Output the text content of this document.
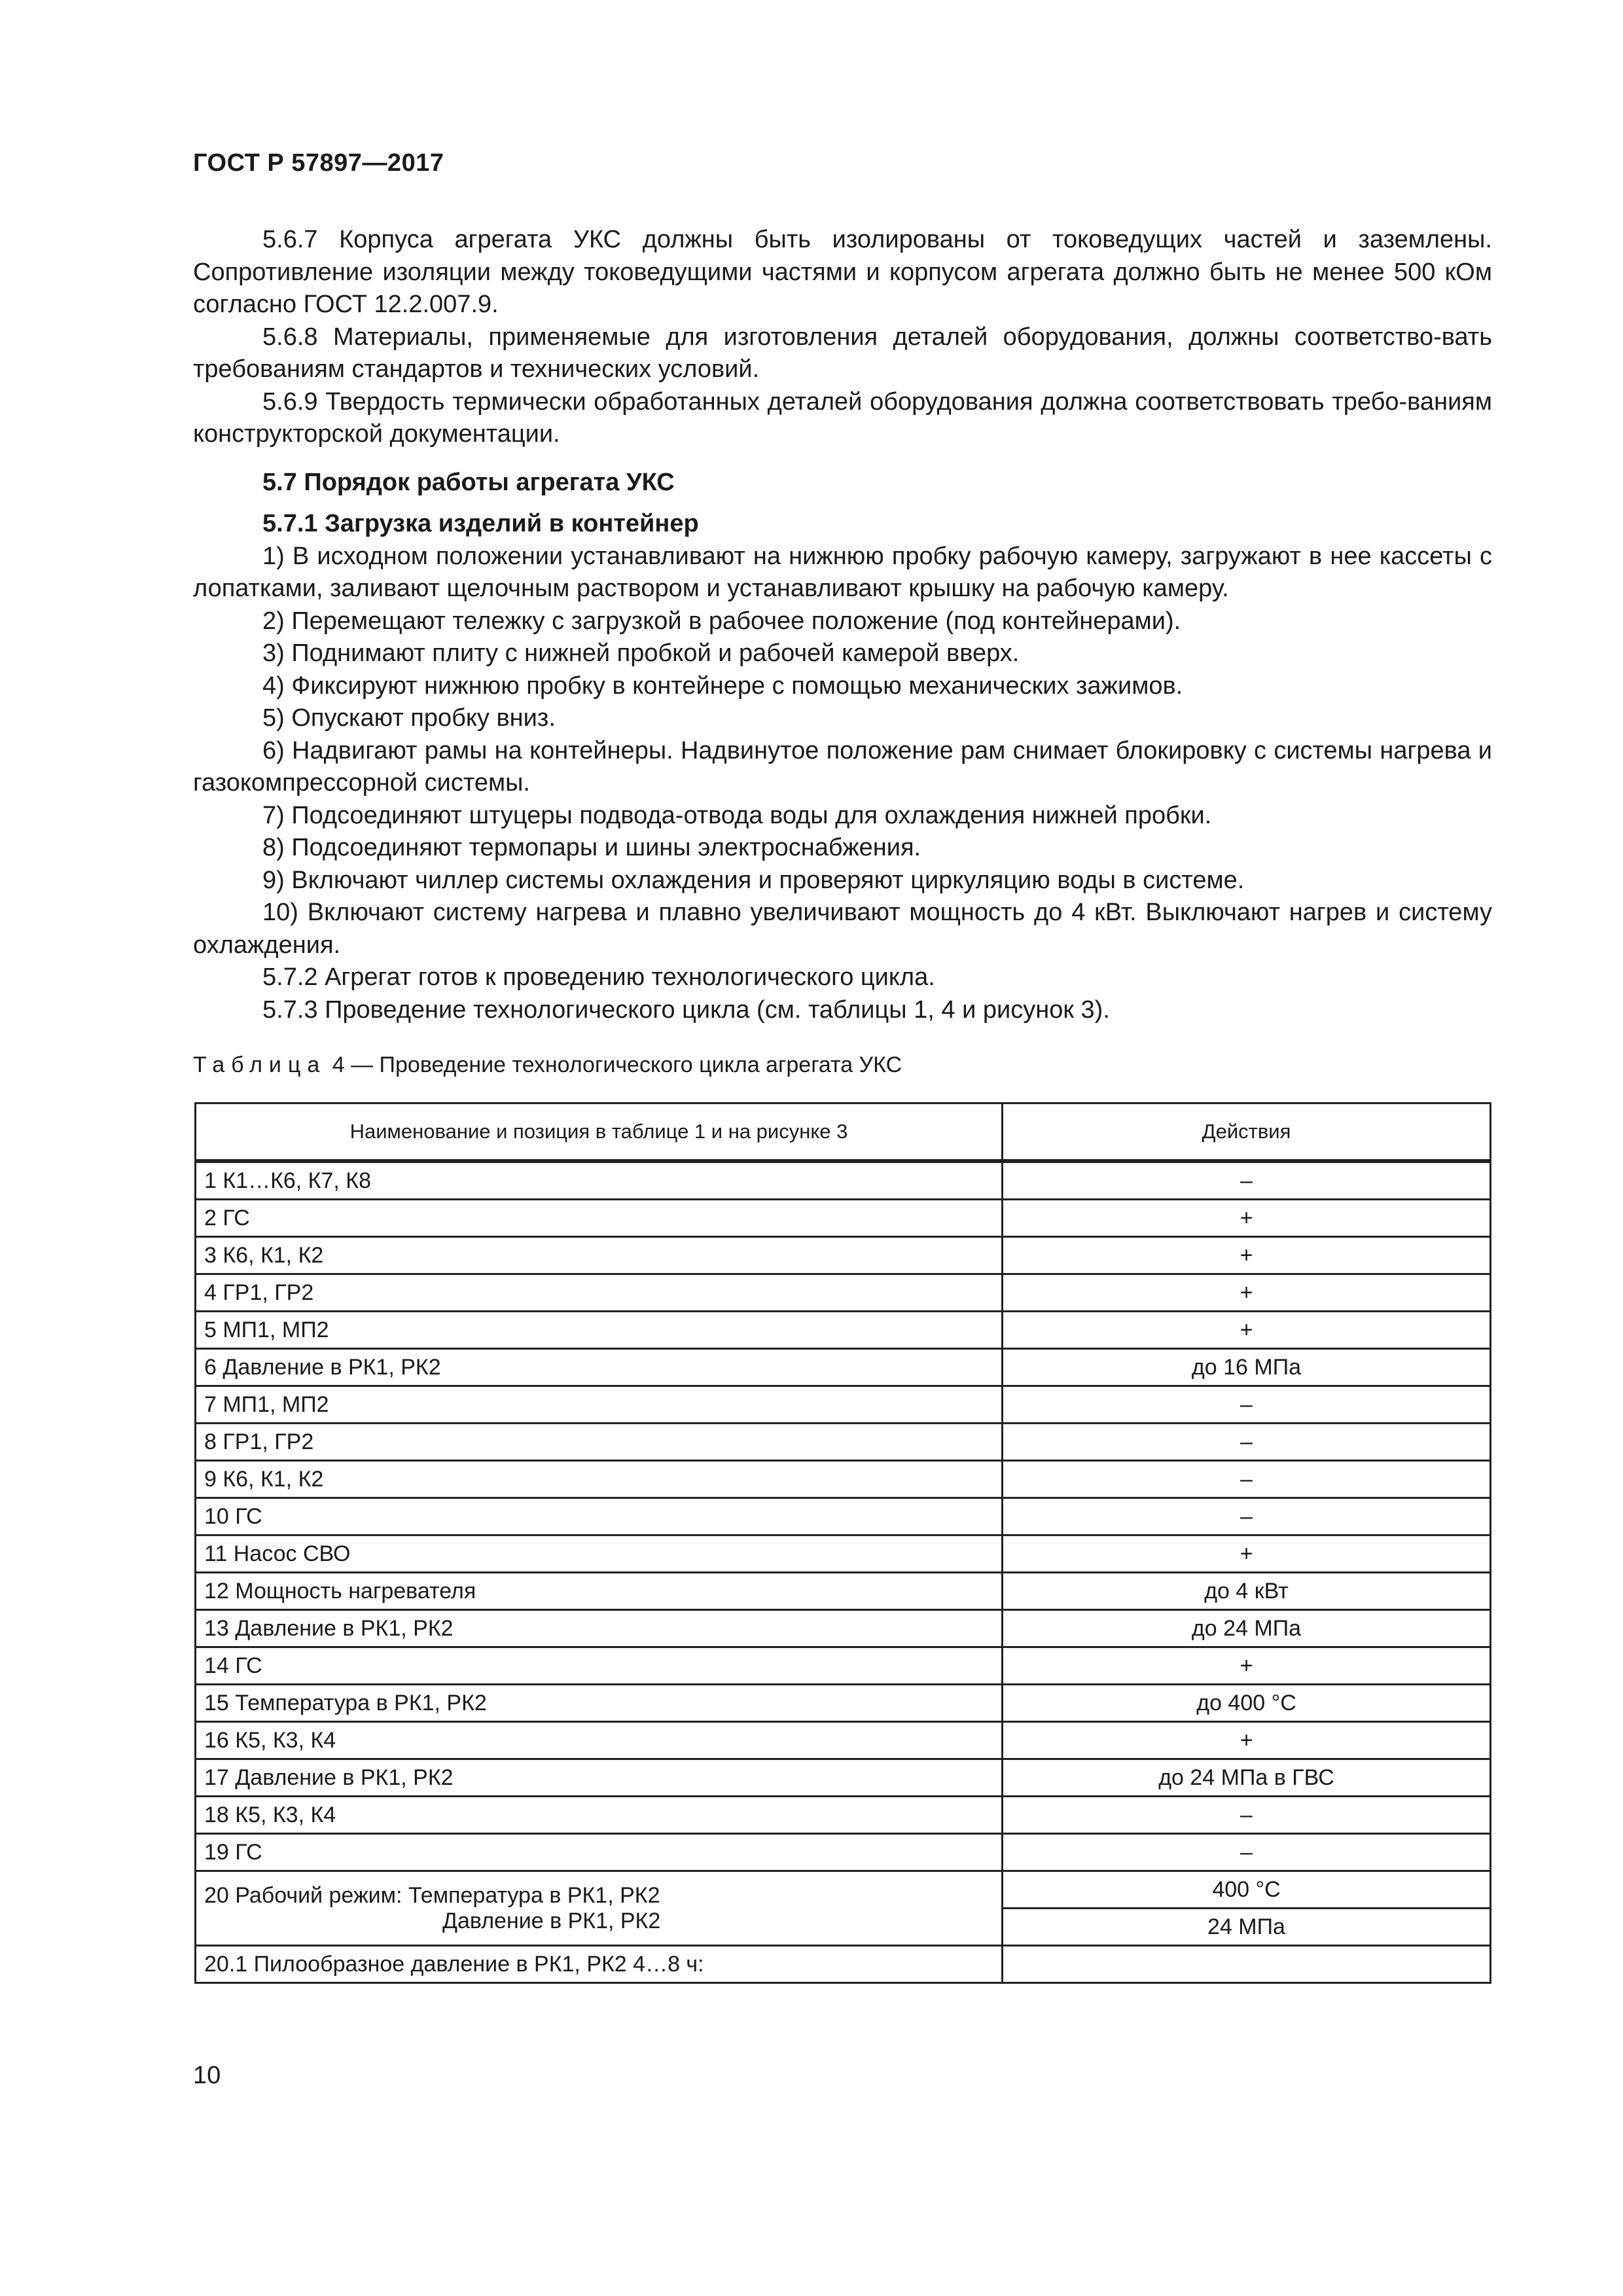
ГОСТ Р 57897—2017

5.6.7 Корпуса агрегата УКС должны быть изолированы от токоведущих частей и заземлены. Сопротивление изоляции между токоведущими частями и корпусом агрегата должно быть не менее 500 кОм согласно ГОСТ 12.2.007.9.

5.6.8 Материалы, применяемые для изготовления деталей оборудования, должны соответство-вать требованиям стандартов и технических условий.

5.6.9 Твердость термически обработанных деталей оборудования должна соответствовать требо-ваниям конструкторской документации.

5.7 Порядок работы агрегата УКС
5.7.1 Загрузка изделий в контейнер

1) В исходном положении устанавливают на нижнюю пробку рабочую камеру, загружают в нее кассеты с лопатками, заливают щелочным раствором и устанавливают крышку на рабочую камеру.

2) Перемещают тележку с загрузкой в рабочее положение (под контейнерами).

3) Поднимают плиту с нижней пробкой и рабочей камерой вверх.

4) Фиксируют нижнюю пробку в контейнере с помощью механических зажимов.

5) Опускают пробку вниз.

6) Надвигают рамы на контейнеры. Надвинутое положение рам снимает блокировку с системы нагрева и газокомпрессорной системы.

7) Подсоединяют штуцеры подвода-отвода воды для охлаждения нижней пробки.

8) Подсоединяют термопары и шины электроснабжения.

9) Включают чиллер системы охлаждения и проверяют циркуляцию воды в системе.

10) Включают систему нагрева и плавно увеличивают мощность до 4 кВт. Выключают нагрев и систему охлаждения.

5.7.2 Агрегат готов к проведению технологического цикла.

5.7.3 Проведение технологического цикла (см. таблицы 1, 4 и рисунок 3).

Таблица 4 — Проведение технологического цикла агрегата УКС
Наименование и позиция в таблице 1 и на рисунке 3	Действия
1 К1…К6, К7, К8	–
2 ГС	+
3 К6, К1, К2	+
4 ГР1, ГР2	+
5 МП1, МП2	+
6 Давление в РК1, РК2	до 16 МПа
7 МП1, МП2	–
8 ГР1, ГР2	–
9 К6, К1, К2	–
10 ГС	–
11 Насос СВО	+
12 Мощность нагревателя	до 4 кВт
13 Давление в РК1, РК2	до 24 МПа
14 ГС	+
15 Температура в РК1, РК2	до 400 °С
16 К5, К3, К4	+
17 Давление в РК1, РК2	до 24 МПа в ГВС
18 К5, К3, К4	–
19 ГС	–

20 Рабочий режим: Температура в РК1, РК2
Давление в РК1, РК2	400 °С
	24 МПа
20.1 Пилообразное давление в РК1, РК2 4…8 ч:	
10
